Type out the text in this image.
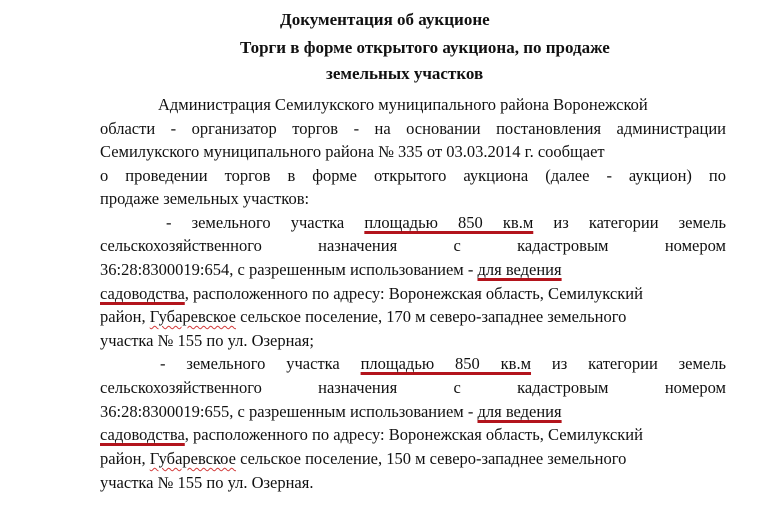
Документация об аукционе
Торги в форме открытого аукциона, по продаже
земельных участков
Администрация Семилукского муниципального района Воронежской
области - организатор торгов - на основании постановления администрации
Семилукского муниципального района № 335 от 03.03.2014 г. сообщает
о проведении торгов в форме открытого аукциона (далее - аукцион) по
продаже земельных участков:
- земельного участка площадью 850 кв.м из категории земель
сельскохозяйственного	назначения	с	кадастровым	номером
36:28:8300019:654, с разрешенным использованием - для ведения
садоводства, расположенного по адресу: Воронежская область, Семилукский
район, Губаревское сельское поселение, 170 м северо-западнее земельного
участка № 155 по ул. Озерная;
- земельного участка площадью 850 кв.м из категории земель
сельскохозяйственного	назначения	с	кадастровым	номером
36:28:8300019:655, с разрешенным использованием - для ведения
садоводства, расположенного по адресу: Воронежская область, Семилукский
район, Губаревское сельское поселение, 150 м северо-западнее земельного
участка № 155 по ул. Озерная.
